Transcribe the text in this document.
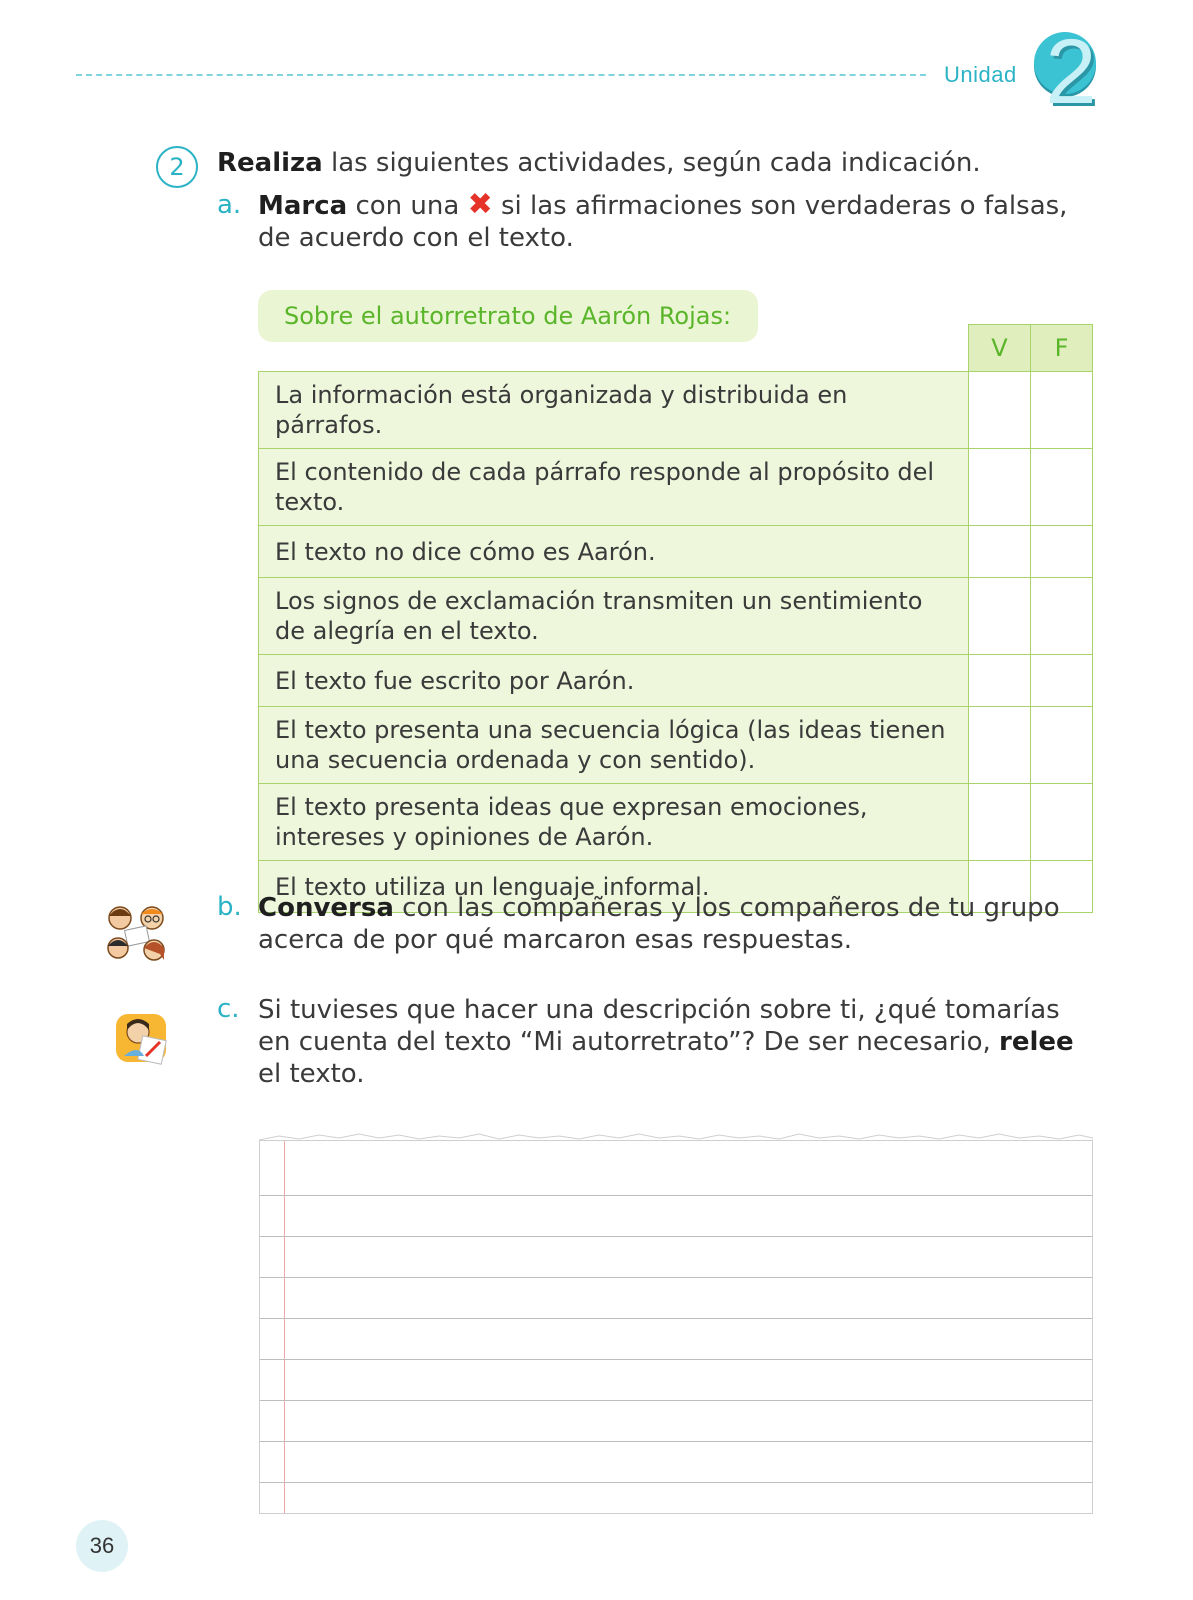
Unidad 2
2	Realiza las siguientes actividades, según cada indicación.
a. Marca con una ✖ si las afirmaciones son verdaderas o falsas,
de acuerdo con el texto.
Sobre el autorretrato de Aarón Rojas:
	V	F
La información está organizada y distribuida en párrafos.		
El contenido de cada párrafo responde al propósito del texto.		
El texto no dice cómo es Aarón.		
Los signos de exclamación transmiten un sentimiento de alegría en el texto.		
El texto fue escrito por Aarón.		
El texto presenta una secuencia lógica (las ideas tienen una secuencia ordenada y con sentido).		
El texto presenta ideas que expresan emociones, intereses y opiniones de Aarón.		
El texto utiliza un lenguaje informal.		
b. Conversa con las compañeras y los compañeros de tu grupo
acerca de por qué marcaron esas respuestas.
c. Si tuvieses que hacer una descripción sobre ti, ¿qué tomarías
en cuenta del texto “Mi autorretrato”? De ser necesario, relee
el texto.
36
